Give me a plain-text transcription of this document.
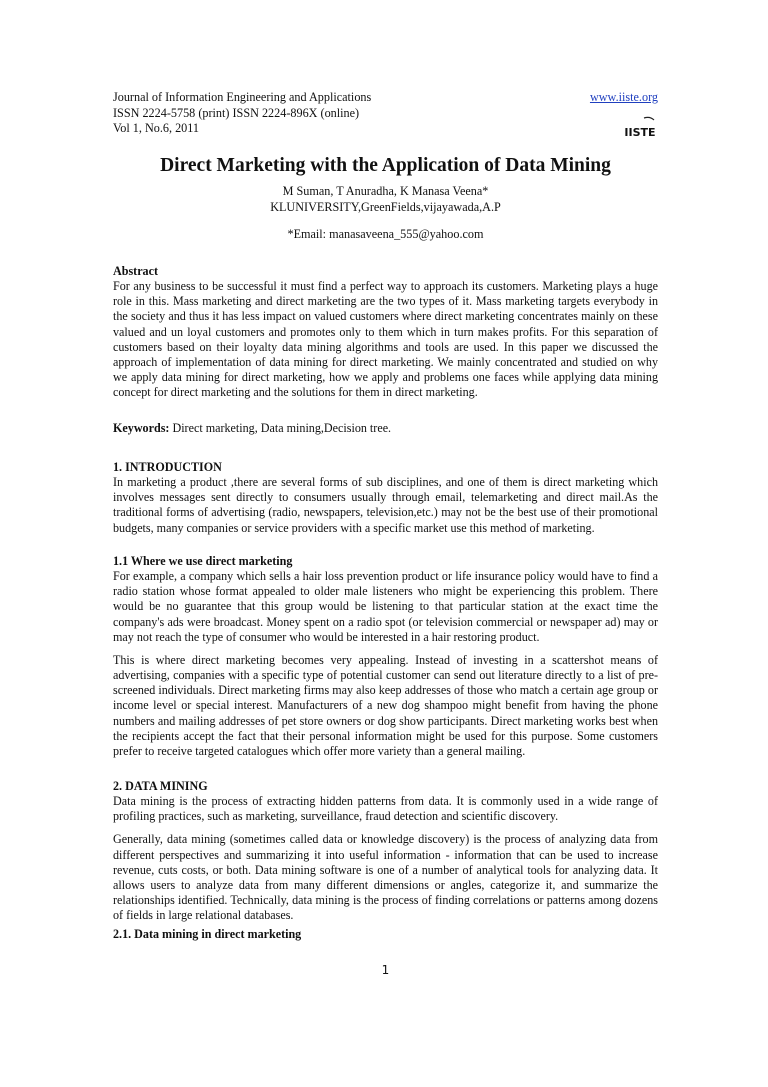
Journal of Information Engineering and Applications
ISSN 2224-5758 (print) ISSN 2224-896X (online)
Vol 1, No.6, 2011
www.iiste.org
IISTE
Direct Marketing with the Application of Data Mining
M Suman, T Anuradha, K Manasa Veena*
KLUNIVERSITY,GreenFields,vijayawada,A.P
*Email: manasaveena_555@yahoo.com

Abstract

For any business to be successful it must find a perfect way to approach its customers. Marketing plays a huge role in this. Mass marketing and direct marketing are the two types of it. Mass marketing targets everybody in the society and thus it has less impact on valued customers where direct marketing concentrates mainly on these valued and un loyal customers and promotes only to them which in turn makes profits. For this separation of customers based on their loyalty data mining algorithms and tools are used. In this paper we discussed the approach of implementation of data mining for direct marketing. We mainly concentrated and studied on why we apply data mining for direct marketing, how we apply and problems one faces while applying data mining concept for direct marketing and the solutions for them in direct marketing.

Keywords: Direct marketing, Data mining,Decision tree.

1. INTRODUCTION

In marketing a product ,there are several forms of sub disciplines, and one of them is direct marketing which involves messages sent directly to consumers usually through email, telemarketing and direct mail.As the traditional forms of advertising (radio, newspapers, television,etc.) may not be the best use of their promotional budgets, many companies or service providers with a specific market use this method of marketing.

1.1 Where we use direct marketing

For example, a company which sells a hair loss prevention product or life insurance policy would have to find a radio station whose format appealed to older male listeners who might be experiencing this problem. There would be no guarantee that this group would be listening to that particular station at the exact time the company's ads were broadcast. Money spent on a radio spot (or television commercial or newspaper ad) may or may not reach the type of consumer who would be interested in a hair restoring product.

This is where direct marketing becomes very appealing. Instead of investing in a scattershot means of advertising, companies with a specific type of potential customer can send out literature directly to a list of pre-screened individuals. Direct marketing firms may also keep addresses of those who match a certain age group or income level or special interest. Manufacturers of a new dog shampoo might benefit from having the phone numbers and mailing addresses of pet store owners or dog show participants. Direct marketing works best when the recipients accept the fact that their personal information might be used for this purpose. Some customers prefer to receive targeted catalogues which offer more variety than a general mailing.

2. DATA MINING

Data mining is the process of extracting hidden patterns from data. It is commonly used in a wide range of profiling practices, such as marketing, surveillance, fraud detection and scientific discovery.

Generally, data mining (sometimes called data or knowledge discovery) is the process of analyzing data from different perspectives and summarizing it into useful information - information that can be used to increase revenue, cuts costs, or both. Data mining software is one of a number of analytical tools for analyzing data. It allows users to analyze data from many different dimensions or angles, categorize it, and summarize the relationships identified. Technically, data mining is the process of finding correlations or patterns among dozens of fields in large relational databases.

2.1. Data mining in direct marketing

1
